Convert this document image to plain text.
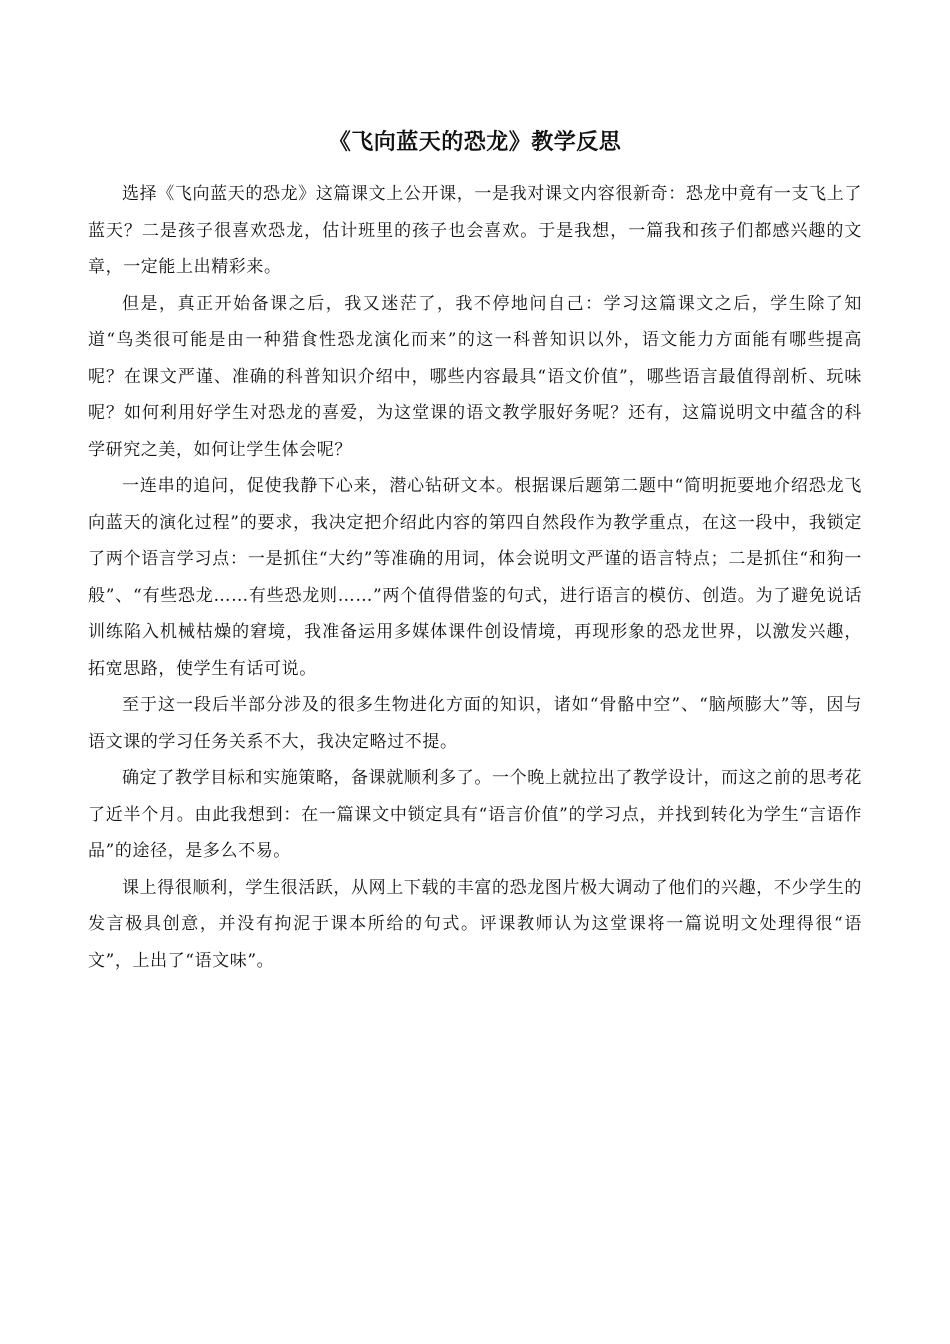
《飞向蓝天的恐龙》教学反思

选择《飞向蓝天的恐龙》这篇课文上公开课，一是我对课文内容很新奇：恐龙中竟有一支飞上了蓝天？二是孩子很喜欢恐龙，估计班里的孩子也会喜欢。于是我想，一篇我和孩子们都感兴趣的文章，一定能上出精彩来。

但是，真正开始备课之后，我又迷茫了，我不停地问自己：学习这篇课文之后，学生除了知道“鸟类很可能是由一种猎食性恐龙演化而来”的这一科普知识以外，语文能力方面能有哪些提高呢？在课文严谨、准确的科普知识介绍中，哪些内容最具“语文价值”，哪些语言最值得剖析、玩味呢？如何利用好学生对恐龙的喜爱，为这堂课的语文教学服好务呢？还有，这篇说明文中蕴含的科学研究之美，如何让学生体会呢？

一连串的追问，促使我静下心来，潜心钻研文本。根据课后题第二题中“简明扼要地介绍恐龙飞向蓝天的演化过程”的要求，我决定把介绍此内容的第四自然段作为教学重点，在这一段中，我锁定了两个语言学习点：一是抓住“大约”等准确的用词，体会说明文严谨的语言特点；二是抓住“和狗一般”、“有些恐龙……有些恐龙则……”两个值得借鉴的句式，进行语言的模仿、创造。为了避免说话训练陷入机械枯燥的窘境，我准备运用多媒体课件创设情境，再现形象的恐龙世界，以激发兴趣，拓宽思路，使学生有话可说。

至于这一段后半部分涉及的很多生物进化方面的知识，诸如“骨骼中空”、“脑颅膨大”等，因与语文课的学习任务关系不大，我决定略过不提。

确定了教学目标和实施策略，备课就顺利多了。一个晚上就拉出了教学设计，而这之前的思考花了近半个月。由此我想到：在一篇课文中锁定具有“语言价值”的学习点，并找到转化为学生“言语作品”的途径，是多么不易。

课上得很顺利，学生很活跃，从网上下载的丰富的恐龙图片极大调动了他们的兴趣，不少学生的发言极具创意，并没有拘泥于课本所给的句式。评课教师认为这堂课将一篇说明文处理得很“语文”，上出了“语文味”。
